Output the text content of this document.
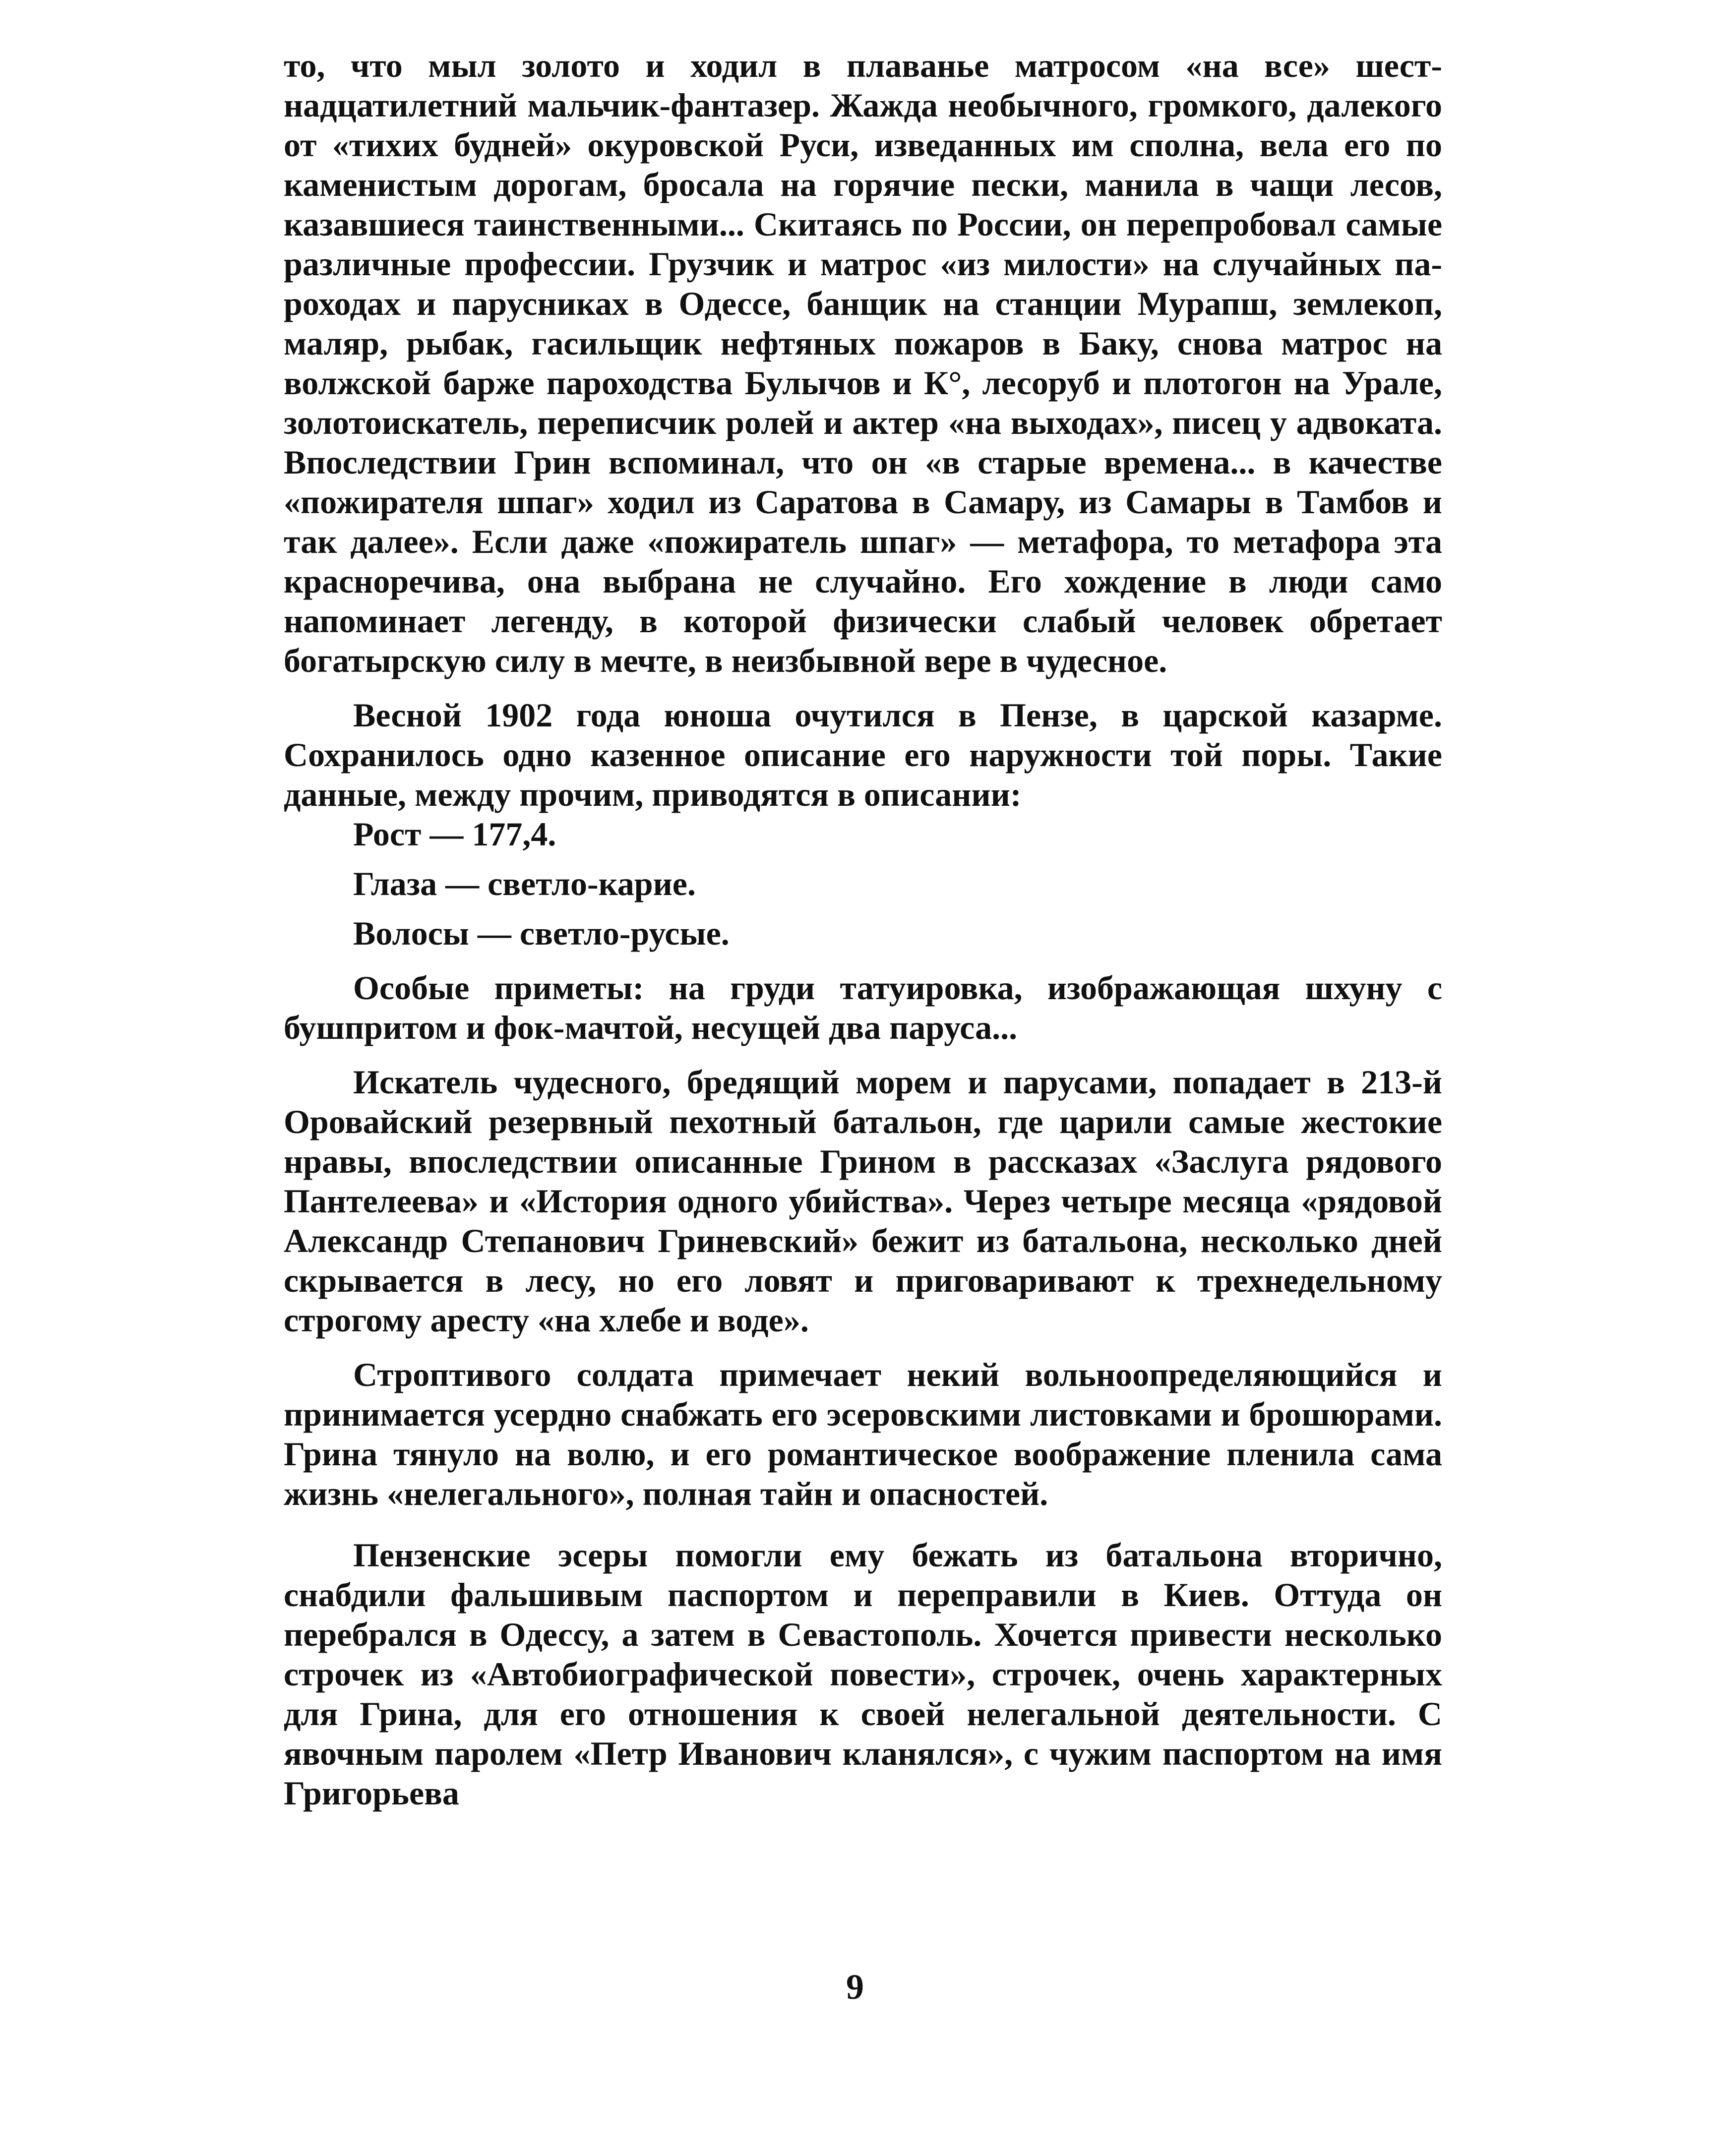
то, что мыл золото и ходил в плаванье матросом «на все» шестнадцатилетний мальчик-фантазер. Жажда необычного, громкого, далекого от «тихих будней» окуровской Руси, изведанных им сполна, вела его по каменистым дорогам, бросала на горячие пески, манила в чащи лесов, казавшиеся таинственными... Скитаясь по России, он перепробовал самые различные профессии. Грузчик и матрос «из милости» на случайных пароходах и парусниках в Одессе, банщик на станции Мурапш, землекоп, маляр, рыбак, гасильщик нефтяных пожаров в Баку, снова матрос на волжской барже пароходства Булычов и К°, лесоруб и плотогон на Урале, золотоискатель, переписчик ролей и актер «на выходах», писец у адвоката. Впоследствии Грин вспоминал, что он «в старые времена... в качестве «пожирателя шпаг» ходил из Саратова в Самару, из Самары в Тамбов и так далее». Если даже «пожиратель шпаг» — метафора, то метафора эта красноречива, она выбрана не случайно. Его хождение в люди само напоминает легенду, в которой физически слабый человек обретает богатырскую силу в мечте, в неизбывной вере в чудесное.

Весной 1902 года юноша очутился в Пензе, в царской казарме. Сохранилось одно казенное описание его наружности той поры. Такие данные, между прочим, приводятся в описании:

Рост — 177,4.

Глаза — светло-карие.

Волосы — светло-русые.

Особые приметы: на груди татуировка, изображающая шхуну с бушпритом и фок-мачтой, несущей два паруса...

Искатель чудесного, бредящий морем и парусами, попадает в 213-й Оровайский резервный пехотный батальон, где царили самые жестокие нравы, впоследствии описанные Грином в рассказах «Заслуга рядового Пантелеева» и «История одного убийства». Через четыре месяца «рядовой Александр Степанович Гриневский» бежит из батальона, несколько дней скрывается в лесу, но его ловят и приговаривают к трехнедельному строгому аресту «на хлебе и воде».

Строптивого солдата примечает некий вольноопределяющийся и принимается усердно снабжать его эсеровскими листовками и брошюрами. Грина тянуло на волю, и его романтическое воображение пленила сама жизнь «нелегального», полная тайн и опасностей.

Пензенские эсеры помогли ему бежать из батальона вторично, снабдили фальшивым паспортом и переправили в Киев. Оттуда он перебрался в Одессу, а затем в Севастополь. Хочется привести несколько строчек из «Автобиографической повести», строчек, очень характерных для Грина, для его отношения к своей нелегальной деятельности. С явочным паролем «Петр Иванович кланялся», с чужим паспортом на имя Григорьева

9
